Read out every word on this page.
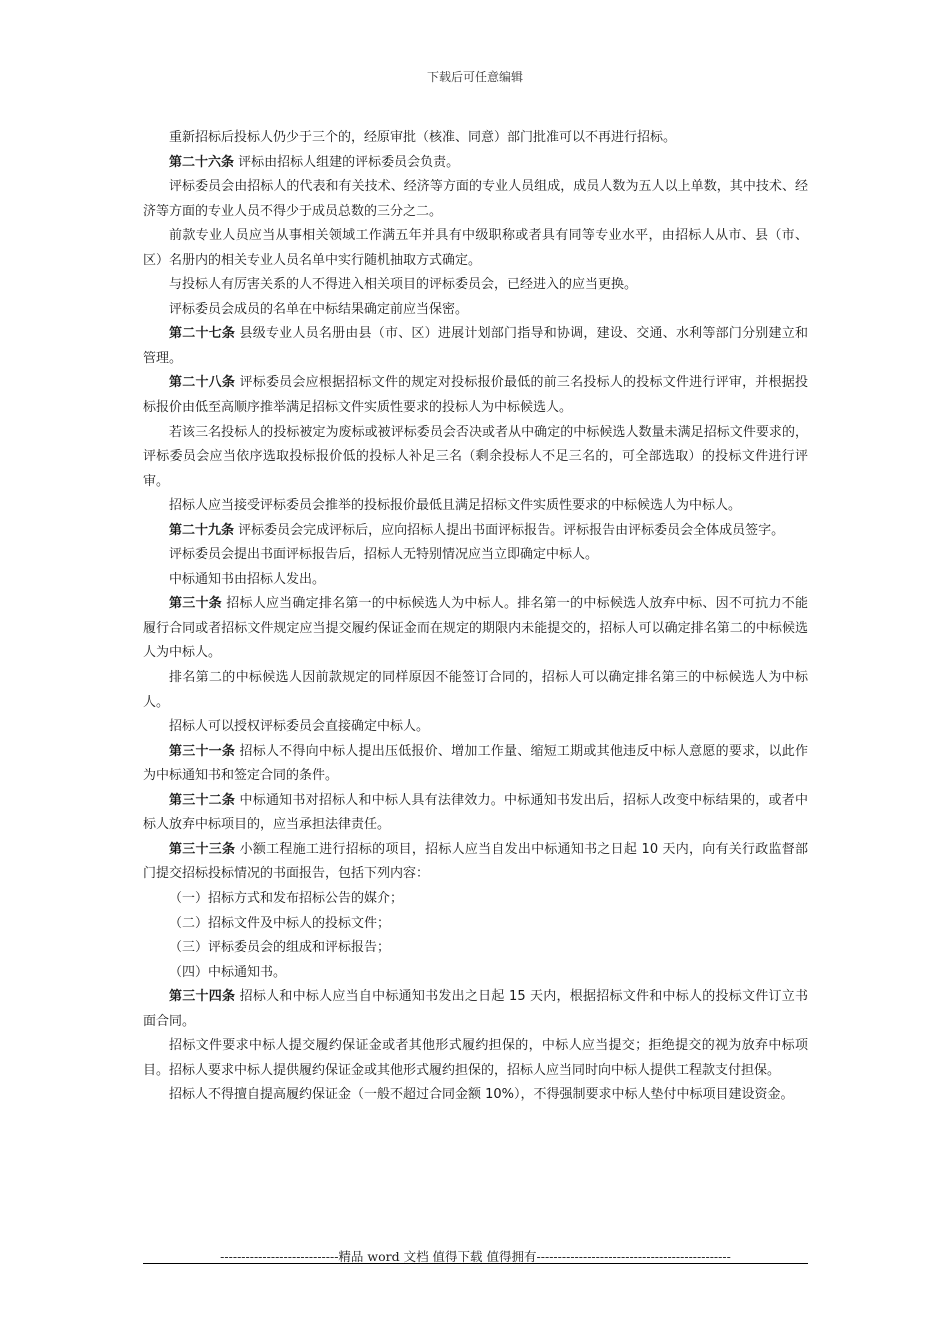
下载后可任意编辑

重新招标后投标人仍少于三个的，经原审批（核准、同意）部门批准可以不再进行招标。

第二十六条 评标由招标人组建的评标委员会负责。

评标委员会由招标人的代表和有关技术、经济等方面的专业人员组成，成员人数为五人以上单数，其中技术、经济等方面的专业人员不得少于成员总数的三分之二。

前款专业人员应当从事相关领域工作满五年并具有中级职称或者具有同等专业水平，由招标人从市、县（市、区）名册内的相关专业人员名单中实行随机抽取方式确定。

与投标人有厉害关系的人不得进入相关项目的评标委员会，已经进入的应当更换。

评标委员会成员的名单在中标结果确定前应当保密。

第二十七条 县级专业人员名册由县（市、区）进展计划部门指导和协调，建设、交通、水利等部门分别建立和管理。

第二十八条 评标委员会应根据招标文件的规定对投标报价最低的前三名投标人的投标文件进行评审，并根据投标报价由低至高顺序推举满足招标文件实质性要求的投标人为中标候选人。

若该三名投标人的投标被定为废标或被评标委员会否决或者从中确定的中标候选人数量未满足招标文件要求的，评标委员会应当依序选取投标报价低的投标人补足三名（剩余投标人不足三名的，可全部选取）的投标文件进行评审。

招标人应当接受评标委员会推举的投标报价最低且满足招标文件实质性要求的中标候选人为中标人。

第二十九条 评标委员会完成评标后，应向招标人提出书面评标报告。评标报告由评标委员会全体成员签字。

评标委员会提出书面评标报告后，招标人无特别情况应当立即确定中标人。

中标通知书由招标人发出。

第三十条 招标人应当确定排名第一的中标候选人为中标人。排名第一的中标候选人放弃中标、因不可抗力不能履行合同或者招标文件规定应当提交履约保证金而在规定的期限内未能提交的，招标人可以确定排名第二的中标候选人为中标人。

排名第二的中标候选人因前款规定的同样原因不能签订合同的，招标人可以确定排名第三的中标候选人为中标人。

招标人可以授权评标委员会直接确定中标人。

第三十一条 招标人不得向中标人提出压低报价、增加工作量、缩短工期或其他违反中标人意愿的要求，以此作为中标通知书和签定合同的条件。

第三十二条 中标通知书对招标人和中标人具有法律效力。中标通知书发出后，招标人改变中标结果的，或者中标人放弃中标项目的，应当承担法律责任。

第三十三条 小额工程施工进行招标的项目，招标人应当自发出中标通知书之日起 10 天内，向有关行政监督部门提交招标投标情况的书面报告，包括下列内容：

（一）招标方式和发布招标公告的媒介；

（二）招标文件及中标人的投标文件；

（三）评标委员会的组成和评标报告；

（四）中标通知书。

第三十四条 招标人和中标人应当自中标通知书发出之日起 15 天内，根据招标文件和中标人的投标文件订立书面合同。

招标文件要求中标人提交履约保证金或者其他形式履约担保的，中标人应当提交；拒绝提交的视为放弃中标项目。招标人要求中标人提供履约保证金或其他形式履约担保的，招标人应当同时向中标人提供工程款支付担保。

招标人不得擅自提高履约保证金（一般不超过合同金额 10%），不得强制要求中标人垫付中标项目建设资金。

----------------------------精品 word 文档 值得下载 值得拥有----------------------------------------------
